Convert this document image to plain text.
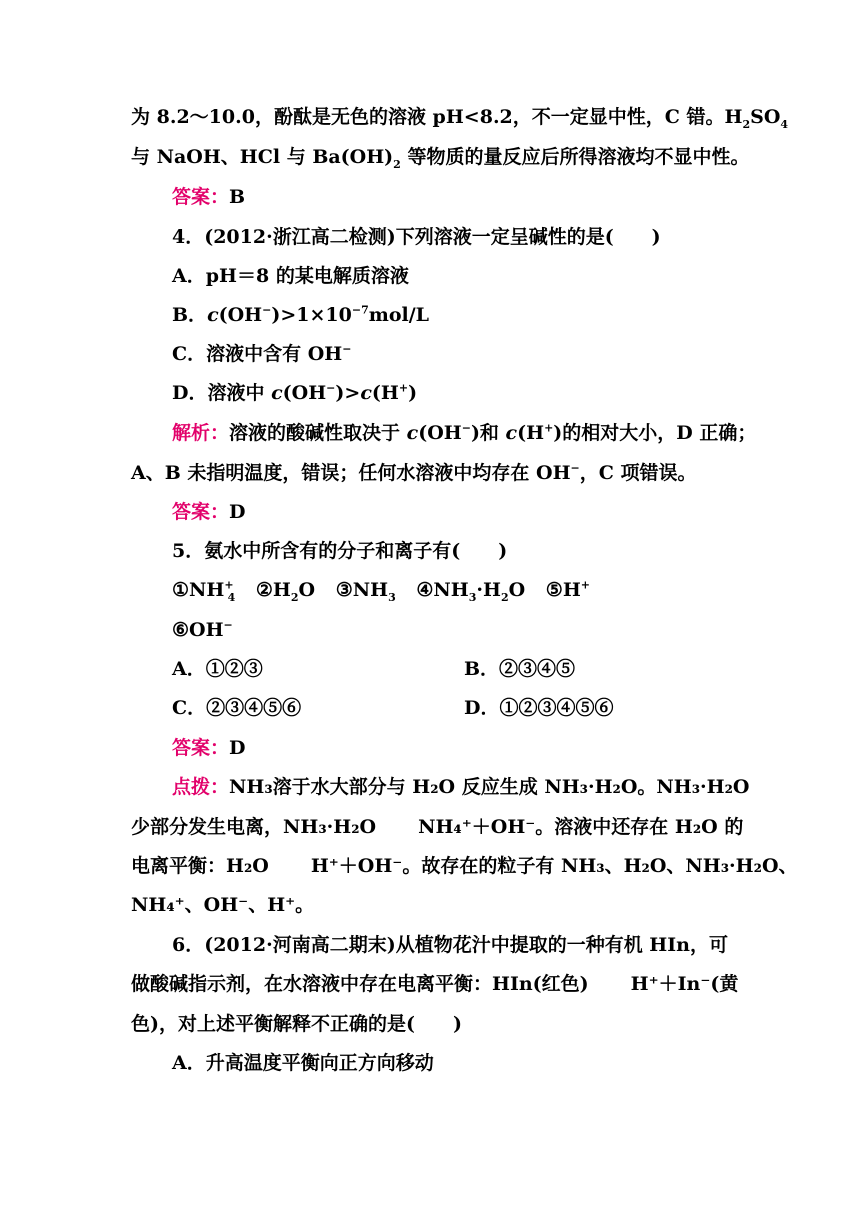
为 8.2～10.0，酚酞是无色的溶液 pH<8.2，不一定显中性，C 错。$H_2SO_4$
与 NaOH、HCl 与 $Ba(OH)_2$ 等物质的量反应后所得溶液均不显中性。
答案：B
4．(2012·浙江高二检测)下列溶液一定呈碱性的是(　　)
A．pH＝8 的某电解质溶液
B．$c(OH^-)>1\times 10^{-7}mol/L$
C．溶液中含有 OH−
D．溶液中 c(OH−)>c(H+)
解析：溶液的酸碱性取决于 c(OH−)和 c(H+)的相对大小，D 正确；
A、B 未指明温度，错误；任何水溶液中均存在 OH−，C 项错误。
答案：D
5．氨水中所含有的分子和离子有(　　)
$①NH^+_4$ $②H_2O$ $③NH_3$ $④NH_3\cdot H_2O$ ⑤H+
⑥OH−
A．①②③	B．②③④⑤
C．②③④⑤⑥	D．①②③④⑤⑥
答案：D
点拨：NH₃溶于水大部分与 H₂O 反应生成 NH₃·H₂O。NH₃·H₂O
少部分发生电离，NH₃·H₂O NH₄⁺＋OH⁻。溶液中还存在 H₂O 的
电离平衡：H₂O H⁺＋OH⁻。故存在的粒子有 NH₃、H₂O、NH₃·H₂O、
NH₄⁺、OH⁻、H⁺。
6．(2012·河南高二期末)从植物花汁中提取的一种有机 HIn，可
做酸碱指示剂，在水溶液中存在电离平衡：HIn(红色) H⁺＋In⁻(黄
色)，对上述平衡解释不正确的是(　　)
A．升高温度平衡向正方向移动
